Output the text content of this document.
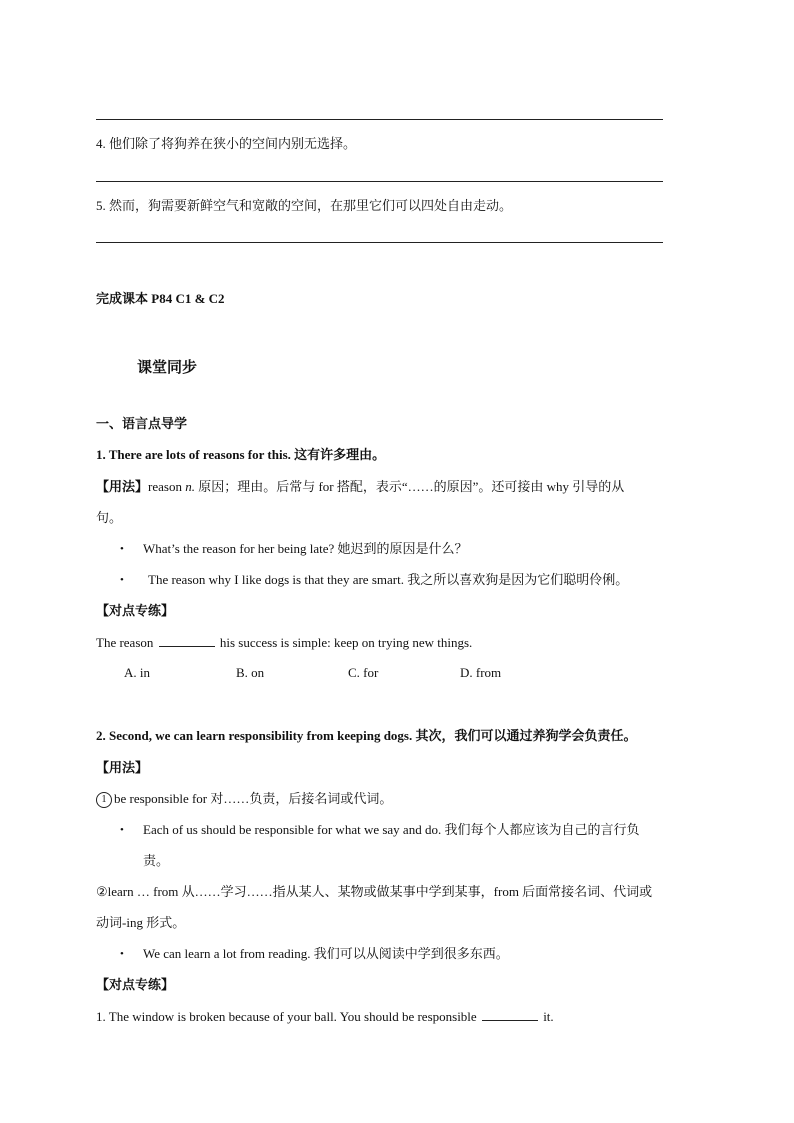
4. 他们除了将狗养在狭小的空间内别无选择。
5. 然而，狗需要新鲜空气和宽敞的空间，在那里它们可以四处自由走动。
完成课本 P84 C1 & C2
课堂同步
一、语言点导学
1. There are lots of reasons for this. 这有许多理由。
【用法】reason n. 原因；理由。后常与 for 搭配，表示“……的原因”。还可接由 why 引导的从
句。
• What’s the reason for her being late? 她迟到的原因是什么？
• The reason why I like dogs is that they are smart. 我之所以喜欢狗是因为它们聪明伶俐。
【对点专练】
The reason	his success is simple: keep on trying new things.
A. in	B. on	C. for	D. from
2. Second, we can learn responsibility from keeping dogs. 其次，我们可以通过养狗学会负责任。
【用法】
1 be responsible for 对……负责，后接名词或代词。
• Each of us should be responsible for what we say and do. 我们每个人都应该为自己的言行负
责。
②learn … from 从……学习……指从某人、某物或做某事中学到某事，from 后面常接名词、代词或
动词-ing 形式。
• We can learn a lot from reading. 我们可以从阅读中学到很多东西。
【对点专练】
1. The window is broken because of your ball. You should be responsible	it.
